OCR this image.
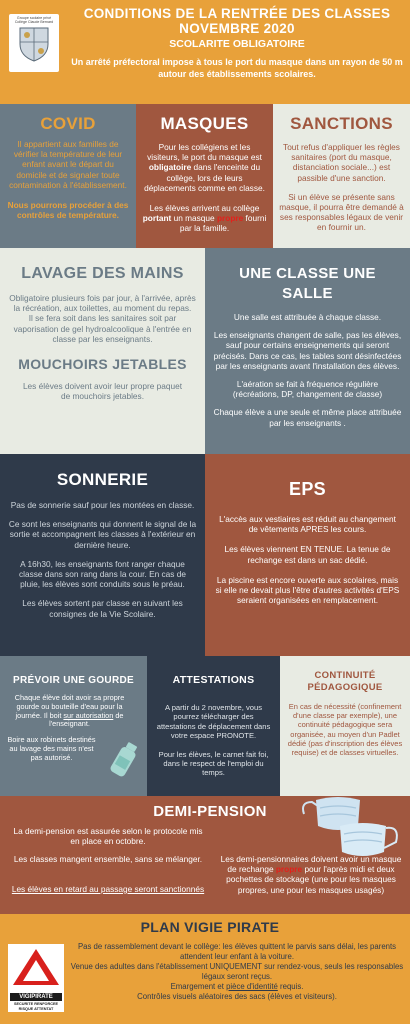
Groupe scolaire privé
Collège Claude Bernard
CONDITIONS DE LA RENTRÉE DES CLASSES
NOVEMBRE 2020
SCOLARITE OBLIGATOIRE
Un arrêté préfectoral impose à tous le port du masque dans un rayon de 50 m autour des établissements scolaires.
COVID

Il appartient aux familles de vérifier la température de leur enfant avant le départ du domicile et de signaler toute contamination à l'établissement.

Nous pourrons procéder à des contrôles de température.

MASQUES

Pour les collégiens et les visiteurs, le port du masque est obligatoire dans l'enceinte du collège, lors de leurs déplacements comme en classe.

Les élèves arrivent au collège portant un masque propre fourni par la famille.

SANCTIONS

Tout refus d'appliquer les règles sanitaires (port du masque, distanciation sociale...) est passible d'une sanction.

Si un élève se présente sans masque, il pourra être demandé à ses responsables légaux de venir en fournir un.

LAVAGE DES MAINS

Obligatoire plusieurs fois par jour, à l'arrivée, après la récréation, aux toilettes, au moment du repas.

Il se fera soit dans les sanitaires soit par vaporisation de gel hydroalcoolique à l'entrée en classe par les enseignants.

MOUCHOIRS JETABLES

Les élèves doivent avoir leur propre paquet de mouchoirs jetables.

UNE CLASSE UNE SALLE

Une salle est attribuée à chaque classe.

Les enseignants changent de salle, pas les élèves, sauf pour certains enseignements qui seront précisés. Dans ce cas, les tables sont désinfectées par les enseignants avant l'installation des élèves.

L'aération se fait à fréquence régulière (récréations, DP, changement de classe)

Chaque élève a une seule et même place attribuée par les enseignants .

SONNERIE

Pas de sonnerie sauf pour les montées en classe.

Ce sont les enseignants qui donnent le signal de la sortie et accompagnent les classes à l'extérieur en dernière heure.

A 16h30, les enseignants font ranger chaque classe dans son rang dans la cour. En cas de pluie, les élèves sont conduits sous le préau.

Les élèves sortent par classe en suivant les consignes de la Vie Scolaire.

EPS

L'accès aux vestiaires est réduit au changement de vêtements APRES les cours.

Les élèves viennent EN TENUE. La tenue de rechange est dans un sac dédié.

La piscine est encore ouverte aux scolaires, mais si elle ne devait plus l'être d'autres activités d'EPS seraient organisées en remplacement.

PRÉVOIR UNE GOURDE

Chaque élève doit avoir sa propre gourde ou bouteille d'eau pour la journée. Il boit sur autorisation de l'enseignant.

Boire aux robinets destinés au lavage des mains n'est pas autorisé.

ATTESTATIONS

A partir du 2 novembre, vous pourrez télécharger des attestations de déplacement dans votre espace PRONOTE.

Pour les élèves, le carnet fait foi, dans le respect de l'emploi du temps.

CONTINUITÉ PÉDAGOGIQUE

En cas de nécessité (confinement d'une classe par exemple), une continuité pédagogique sera organisée, au moyen d'un Padlet dédié (pas d'inscription des élèves requise) et de classes virtuelles.

DEMI-PENSION

La demi-pension est assurée selon le protocole mis en place en octobre.

Les classes mangent ensemble, sans se mélanger.

Les élèves en retard au passage seront sanctionnés

Les demi-pensionnaires doivent avoir un masque de rechange propre pour l'après midi et deux pochettes de stockage (une pour les masques propres, une pour les masques usagés)

PLAN VIGIE PIRATE
VIGIPIRATE
SECURITE RENFORCEE RISQUE ATTENTAT

Pas de rassemblement devant le collège: les élèves quittent le parvis sans délai, les parents attendent leur enfant à la voiture.

Venue des adultes dans l'établissement UNIQUEMENT sur rendez-vous, seuls les responsables légaux seront reçus.

Emargement et pièce d'identité requis.

Contrôles visuels aléatoires des sacs (élèves et visiteurs).
